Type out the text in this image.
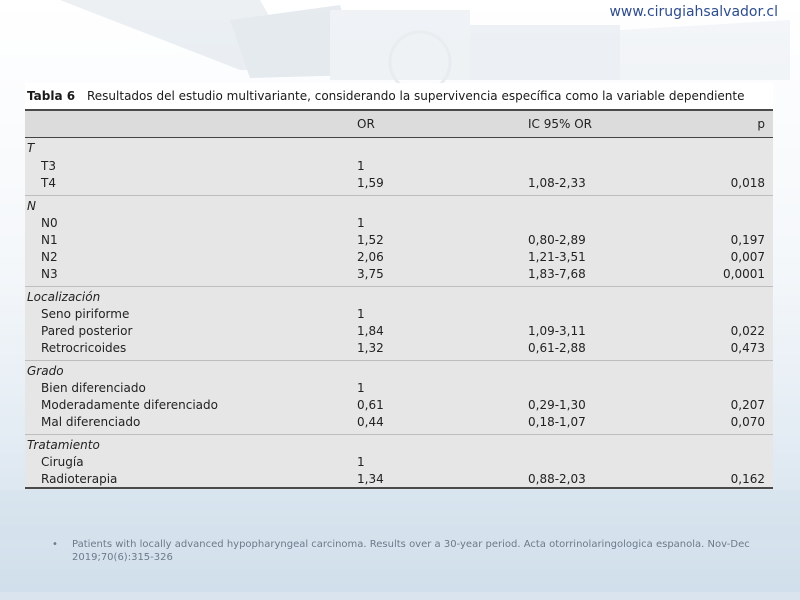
www.cirugiahsalvador.cl
Tabla 6 Resultados del estudio multivariante, considerando la supervivencia específica como la variable dependiente
OR	IC 95% OR	p
T
T3	1
T4	1,59	1,08-2,33	0,018
N
N0	1
N1	1,52	0,80-2,89	0,197
N2	2,06	1,21-3,51	0,007
N3	3,75	1,83-7,68	0,0001
Localización
Seno piriforme	1
Pared posterior	1,84	1,09-3,11	0,022
Retrocricoides	1,32	0,61-2,88	0,473
Grado
Bien diferenciado	1
Moderadamente diferenciado	0,61	0,29-1,30	0,207
Mal diferenciado	0,44	0,18-1,07	0,070
Tratamiento
Cirugía	1
Radioterapia	1,34	0,88-2,03	0,162
• Patients with locally advanced hypopharyngeal carcinoma. Results over a 30-year period. Acta otorrinolaringologica espanola. Nov-Dec 2019;70(6):315-326
